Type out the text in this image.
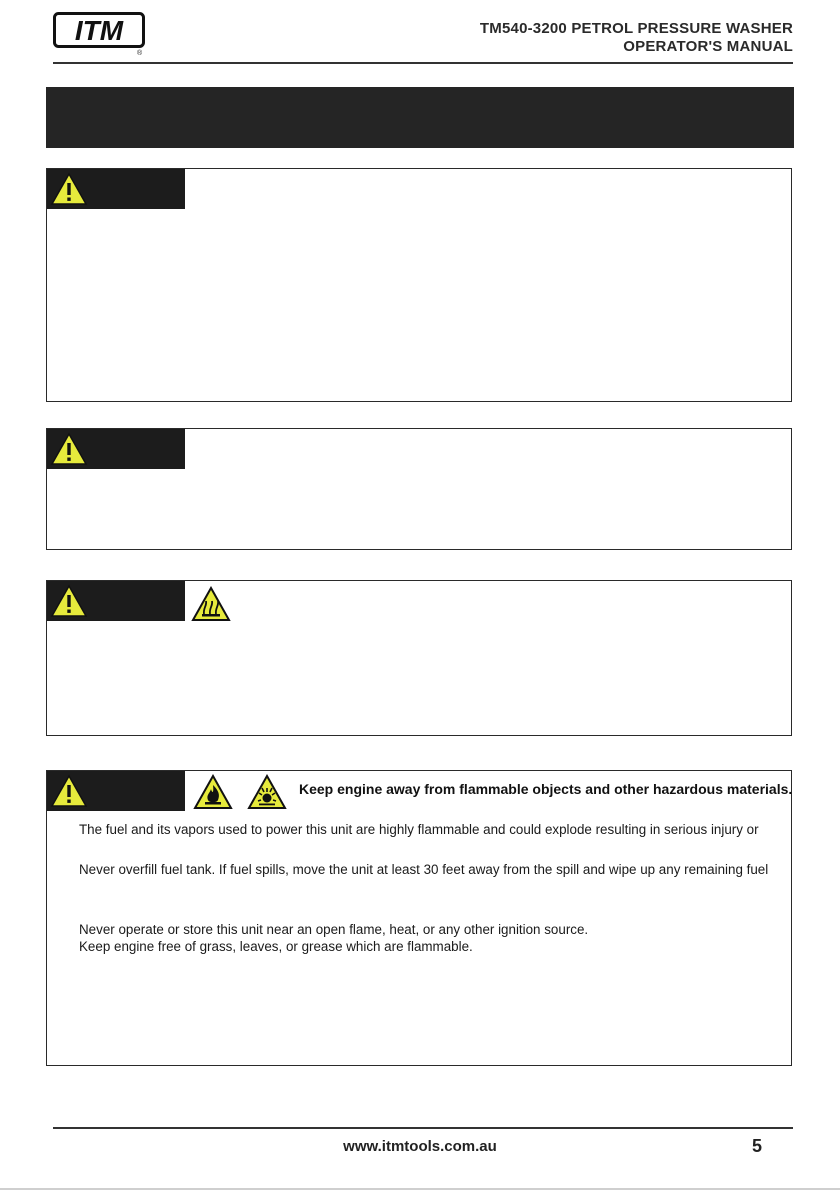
ITM
®
TM540-3200 PETROL PRESSURE WASHER
OPERATOR'S MANUAL
Keep engine away from flammable objects and other hazardous materials.
The fuel and its vapors used to power this unit are highly flammable and could explode resulting in serious injury or
Never overfill fuel tank. If fuel spills, move the unit at least 30 feet away from the spill and wipe up any remaining fuel
Never operate or store this unit near an open flame, heat, or any other ignition source.
Keep engine free of grass, leaves, or grease which are flammable.
www.itmtools.com.au	5
